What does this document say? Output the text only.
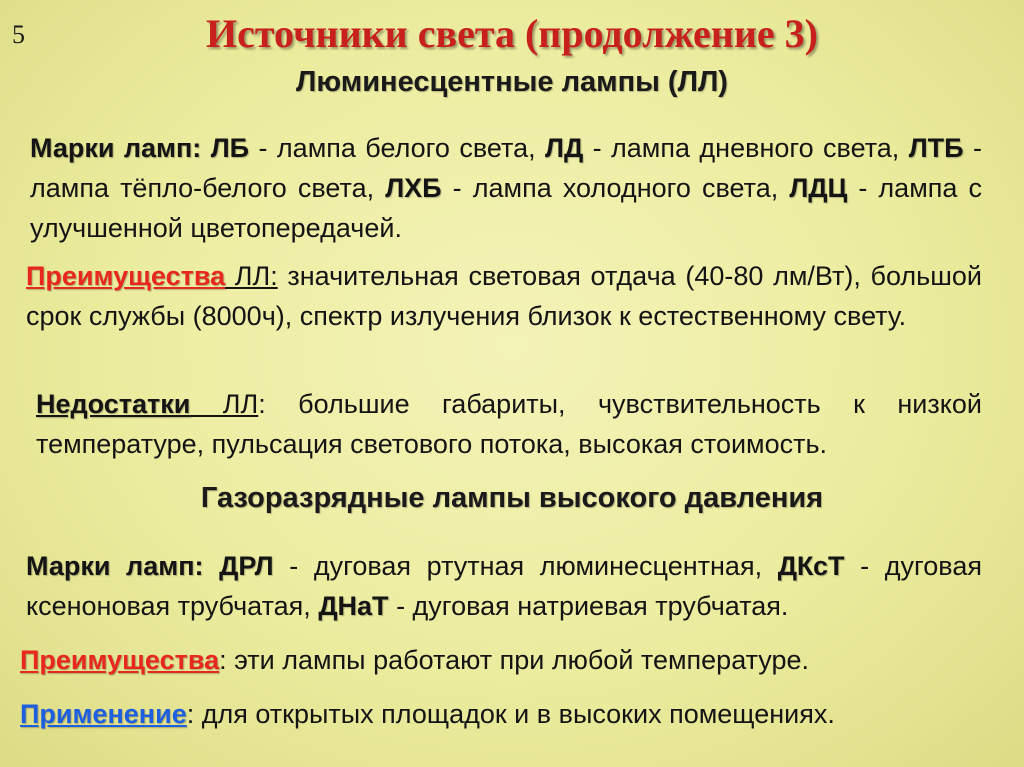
5	Источники света (продолжение 3)
Люминесцентные лампы (ЛЛ)
Марки ламп: ЛБ - лампа белого света, ЛД - лампа дневного света, ЛТБ - лампа тёпло-белого света, ЛХБ - лампа холодного света, ЛДЦ - лампа с улучшенной цветопередачей.
Преимущества ЛЛ: значительная световая отдача (40-80 лм/Вт), большой срок службы (8000ч), спектр излучения близок к естественному свету.
Недостатки ЛЛ: большие габариты, чувствительность к низкой температуре, пульсация светового потока, высокая стоимость.
Газоразрядные лампы высокого давления
Марки ламп: ДРЛ - дуговая ртутная люминесцентная, ДКсТ - дуговая ксеноновая трубчатая, ДНаТ - дуговая натриевая трубчатая.
Преимущества: эти лампы работают при любой температуре.
Применение: для открытых площадок и в высоких помещениях.
